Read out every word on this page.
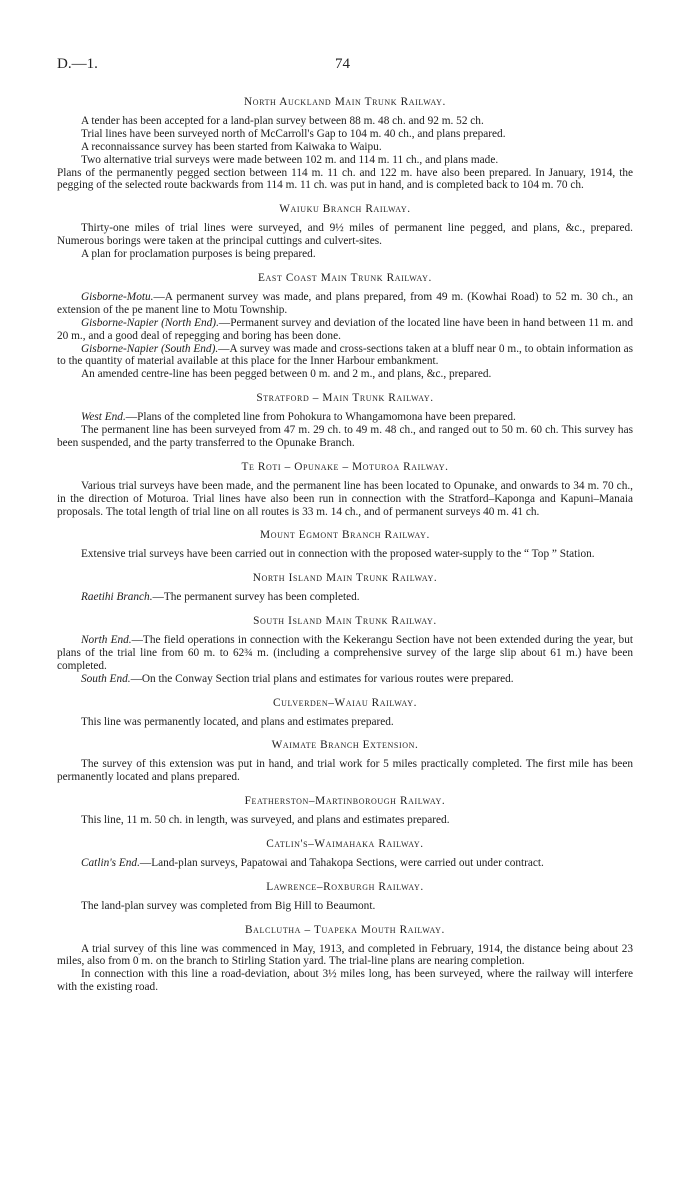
D.—1.	74
North Auckland Main Trunk Railway.

A tender has been accepted for a land-plan survey between 88 m. 48 ch. and 92 m. 52 ch.

Trial lines have been surveyed north of McCarroll's Gap to 104 m. 40 ch., and plans prepared.

A reconnaissance survey has been started from Kaiwaka to Waipu.

Two alternative trial surveys were made between 102 m. and 114 m. 11 ch., and plans made.

Plans of the permanently pegged section between 114 m. 11 ch. and 122 m. have also been prepared. In January, 1914, the pegging of the selected route backwards from 114 m. 11 ch. was put in hand, and is completed back to 104 m. 70 ch.

Waiuku Branch Railway.

Thirty-one miles of trial lines were surveyed, and 9½ miles of permanent line pegged, and plans, &c., prepared. Numerous borings were taken at the principal cuttings and culvert-sites.

A plan for proclamation purposes is being prepared.

East Coast Main Trunk Railway.

Gisborne-Motu.—A permanent survey was made, and plans prepared, from 49 m. (Kowhai Road) to 52 m. 30 ch., an extension of the pe manent line to Motu Township.

Gisborne-Napier (North End).—Permanent survey and deviation of the located line have been in hand between 11 m. and 20 m., and a good deal of repegging and boring has been done.

Gisborne-Napier (South End).—A survey was made and cross-sections taken at a bluff near 0 m., to obtain information as to the quantity of material available at this place for the Inner Harbour embankment.

An amended centre-line has been pegged between 0 m. and 2 m., and plans, &c., prepared.

Stratford – Main Trunk Railway.

West End.—Plans of the completed line from Pohokura to Whangamomona have been prepared.

The permanent line has been surveyed from 47 m. 29 ch. to 49 m. 48 ch., and ranged out to 50 m. 60 ch. This survey has been suspended, and the party transferred to the Opunake Branch.

Te Roti – Opunake – Moturoa Railway.

Various trial surveys have been made, and the permanent line has been located to Opunake, and onwards to 34 m. 70 ch., in the direction of Moturoa. Trial lines have also been run in connection with the Stratford–Kaponga and Kapuni–Manaia proposals. The total length of trial line on all routes is 33 m. 14 ch., and of permanent surveys 40 m. 41 ch.

Mount Egmont Branch Railway.

Extensive trial surveys have been carried out in connection with the proposed water-supply to the “ Top ” Station.

North Island Main Trunk Railway.

Raetihi Branch.—The permanent survey has been completed.

South Island Main Trunk Railway.

North End.—The field operations in connection with the Kekerangu Section have not been extended during the year, but plans of the trial line from 60 m. to 62¾ m. (including a comprehensive survey of the large slip about 61 m.) have been completed.

South End.—On the Conway Section trial plans and estimates for various routes were prepared.

Culverden–Waiau Railway.

This line was permanently located, and plans and estimates prepared.

Waimate Branch Extension.

The survey of this extension was put in hand, and trial work for 5 miles practically completed. The first mile has been permanently located and plans prepared.

Featherston–Martinborough Railway.

This line, 11 m. 50 ch. in length, was surveyed, and plans and estimates prepared.

Catlin's–Waimahaka Railway.

Catlin's End.—Land-plan surveys, Papatowai and Tahakopa Sections, were carried out under contract.

Lawrence–Roxburgh Railway.

The land-plan survey was completed from Big Hill to Beaumont.

Balclutha – Tuapeka Mouth Railway.

A trial survey of this line was commenced in May, 1913, and completed in February, 1914, the distance being about 23 miles, also from 0 m. on the branch to Stirling Station yard. The trial-line plans are nearing completion.

In connection with this line a road-deviation, about 3½ miles long, has been surveyed, where the railway will interfere with the existing road.
